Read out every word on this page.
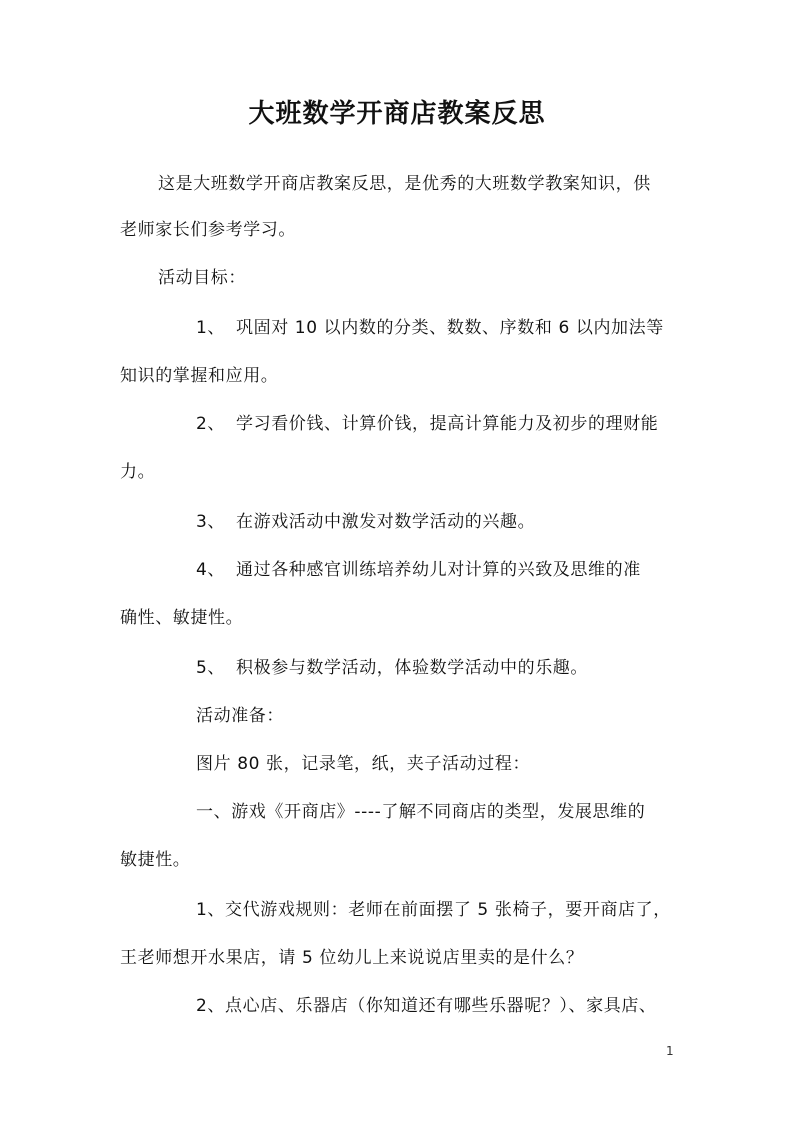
大班数学开商店教案反思
这是大班数学开商店教案反思，是优秀的大班数学教案知识，供
老师家长们参考学习。
活动目标：
1、 巩固对 10 以内数的分类、数数、序数和 6 以内加法等
知识的掌握和应用。
2、 学习看价钱、计算价钱，提高计算能力及初步的理财能
力。
3、 在游戏活动中激发对数学活动的兴趣。
4、 通过各种感官训练培养幼儿对计算的兴致及思维的准
确性、敏捷性。
5、 积极参与数学活动，体验数学活动中的乐趣。
活动准备：
图片 80 张，记录笔，纸，夹子活动过程：
一、游戏《开商店》----了解不同商店的类型，发展思维的
敏捷性。
1、交代游戏规则：老师在前面摆了 5 张椅子，要开商店了，
王老师想开水果店，请 5 位幼儿上来说说店里卖的是什么？
2、点心店、乐器店（你知道还有哪些乐器呢？）、家具店、
1
